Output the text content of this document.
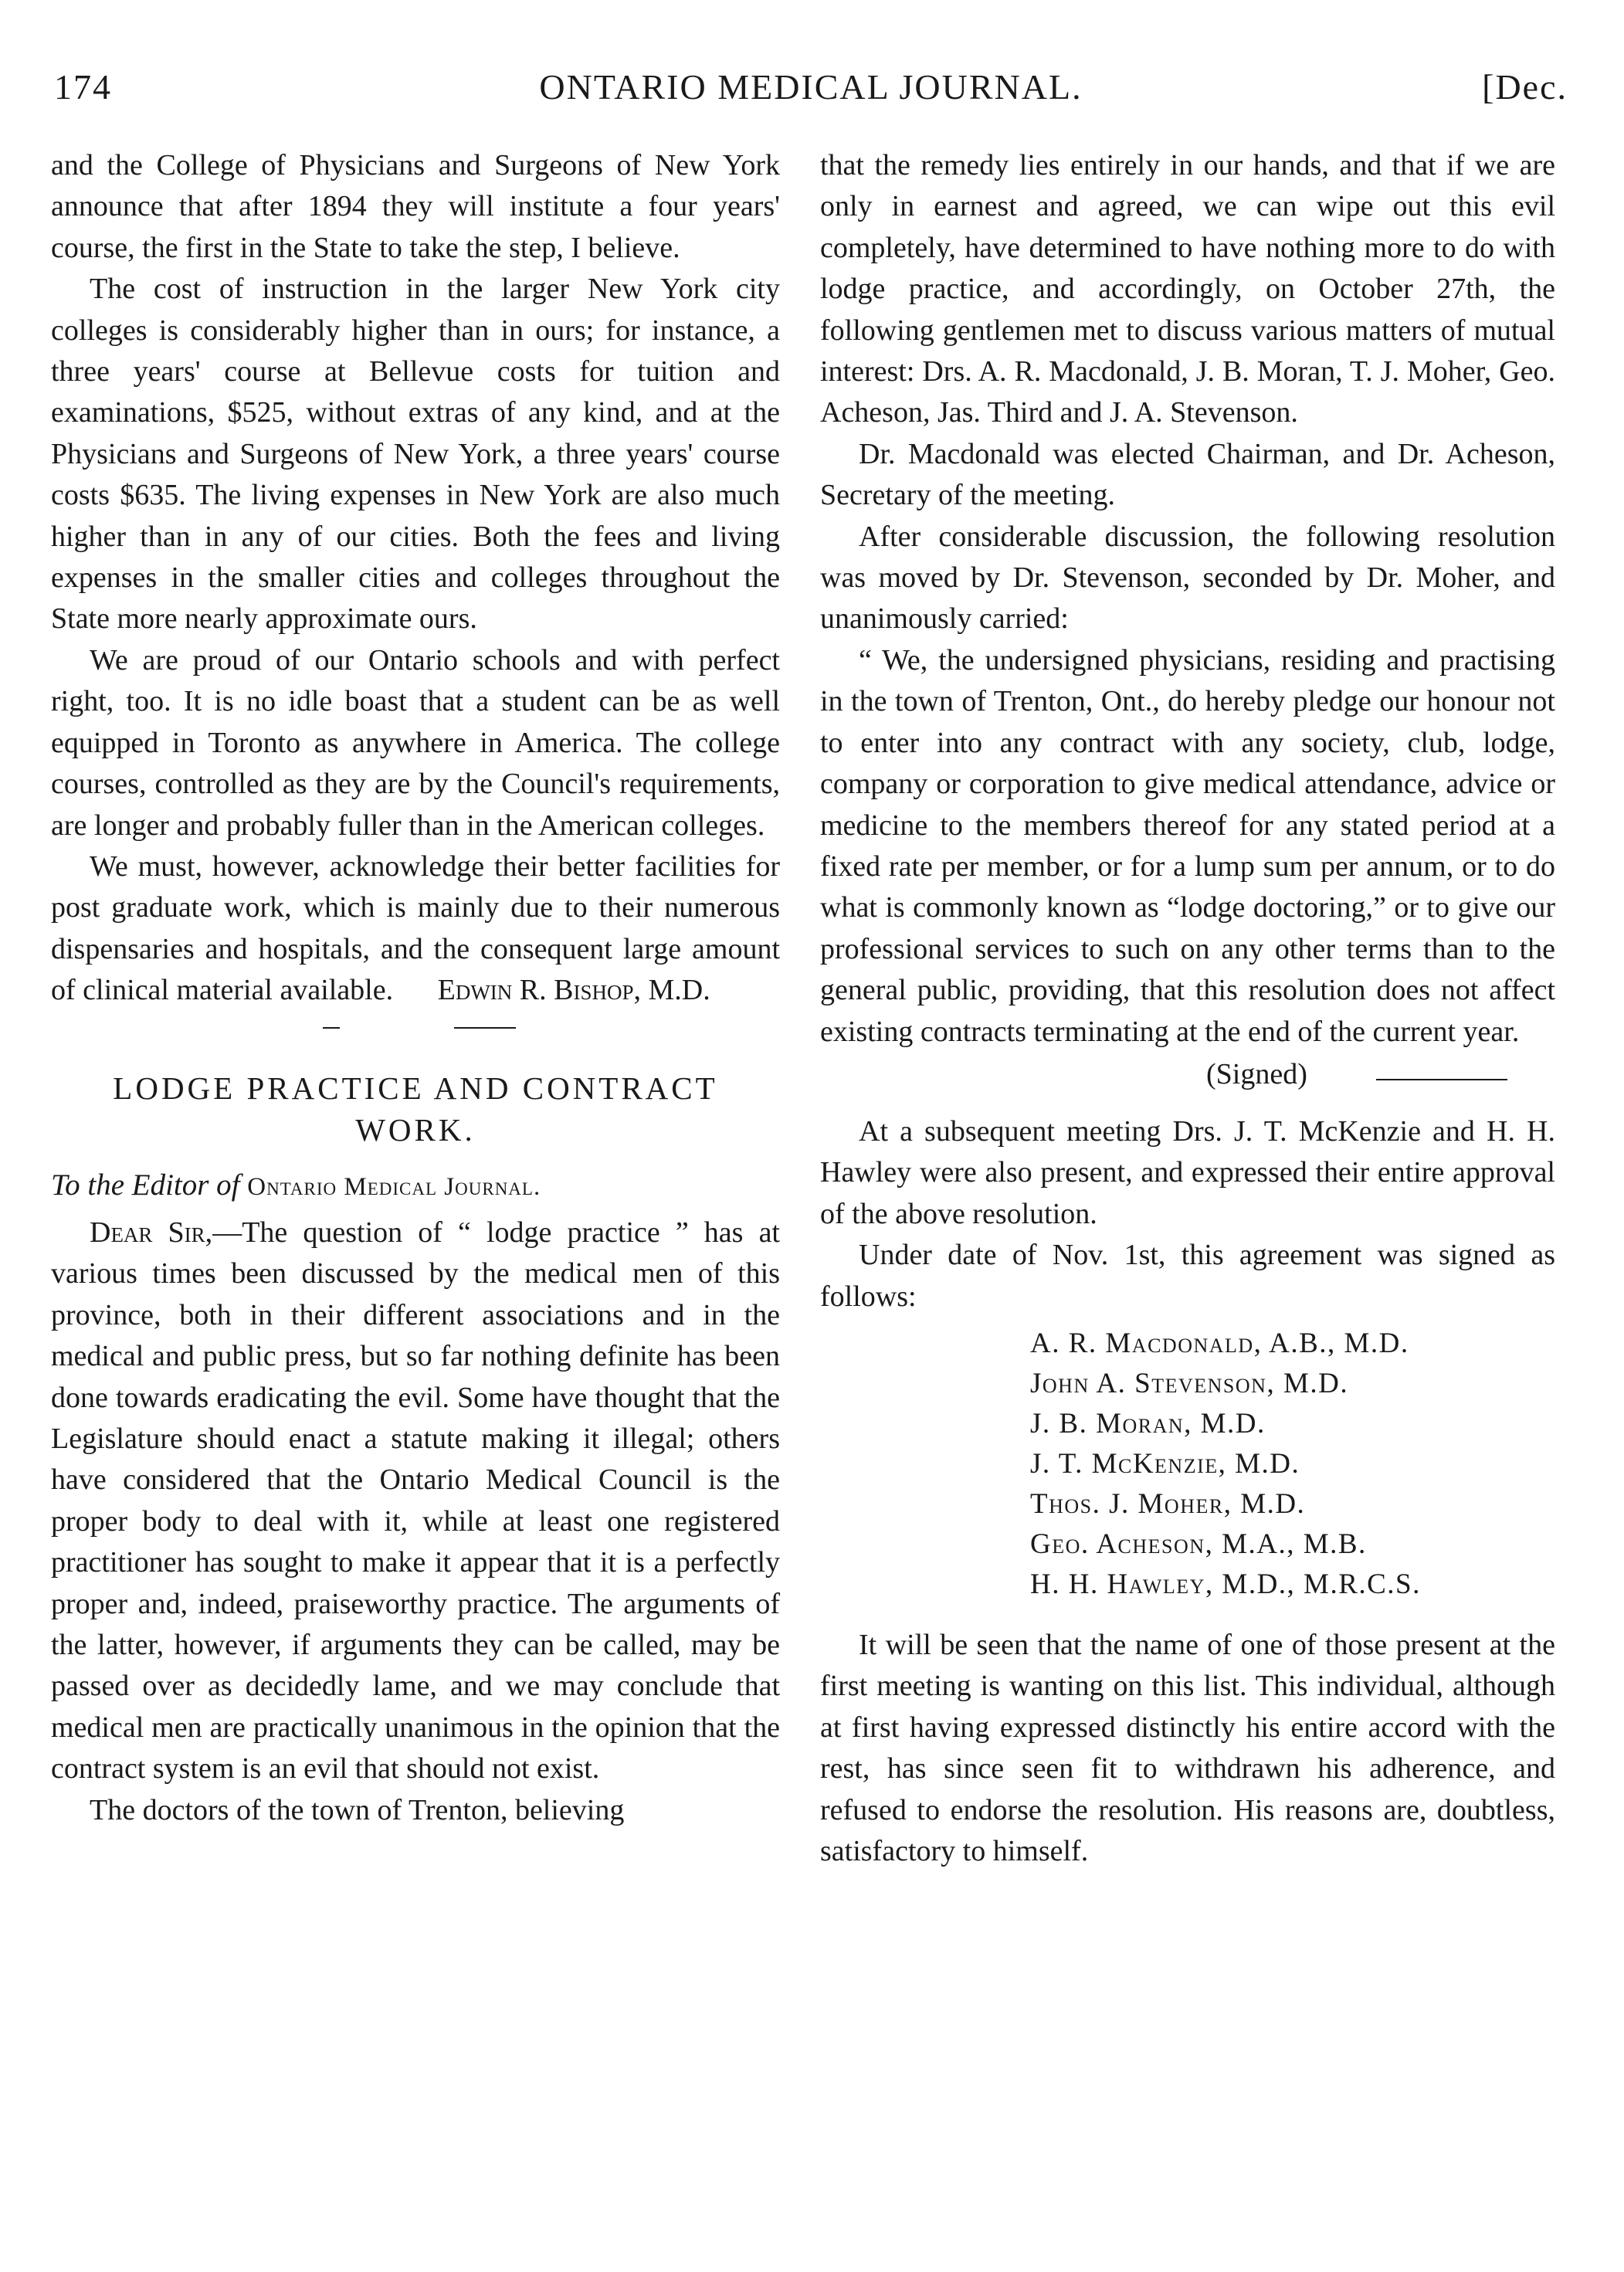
174	ONTARIO MEDICAL JOURNAL.	[Dec.

and the College of Physicians and Surgeons of New York announce that after 1894 they will institute a four years' course, the first in the State to take the step, I believe.

The cost of instruction in the larger New York city colleges is considerably higher than in ours; for instance, a three years' course at Bellevue costs for tuition and examinations, $525, without extras of any kind, and at the Physicians and Surgeons of New York, a three years' course costs $635. The living expenses in New York are also much higher than in any of our cities. Both the fees and living expenses in the smaller cities and colleges throughout the State more nearly approximate ours.

We are proud of our Ontario schools and with perfect right, too. It is no idle boast that a student can be as well equipped in Toronto as anywhere in America. The college courses, controlled as they are by the Council's requirements, are longer and probably fuller than in the American colleges.

We must, however, acknowledge their better facilities for post graduate work, which is mainly due to their numerous dispensaries and hospitals, and the consequent large amount of clinical material available. Edwin R. Bishop, M.D.

LODGE PRACTICE AND CONTRACT WORK.

To the Editor of Ontario Medical Journal.

Dear Sir,—The question of “ lodge practice ” has at various times been discussed by the medical men of this province, both in their different associations and in the medical and public press, but so far nothing definite has been done towards eradicating the evil. Some have thought that the Legislature should enact a statute making it illegal; others have considered that the Ontario Medical Council is the proper body to deal with it, while at least one registered practitioner has sought to make it appear that it is a perfectly proper and, indeed, praiseworthy practice. The arguments of the latter, however, if arguments they can be called, may be passed over as decidedly lame, and we may conclude that medical men are practically unanimous in the opinion that the contract system is an evil that should not exist.

The doctors of the town of Trenton, believing

that the remedy lies entirely in our hands, and that if we are only in earnest and agreed, we can wipe out this evil completely, have determined to have nothing more to do with lodge practice, and accordingly, on October 27th, the following gentlemen met to discuss various matters of mutual interest: Drs. A. R. Macdonald, J. B. Moran, T. J. Moher, Geo. Acheson, Jas. Third and J. A. Stevenson.

Dr. Macdonald was elected Chairman, and Dr. Acheson, Secretary of the meeting.

After considerable discussion, the following resolution was moved by Dr. Stevenson, seconded by Dr. Moher, and unanimously carried:

“ We, the undersigned physicians, residing and practising in the town of Trenton, Ont., do hereby pledge our honour not to enter into any contract with any society, club, lodge, company or corporation to give medical attendance, advice or medicine to the members thereof for any stated period at a fixed rate per member, or for a lump sum per annum, or to do what is commonly known as “lodge doctoring,” or to give our professional services to such on any other terms than to the general public, providing, that this resolution does not affect existing contracts terminating at the end of the current year.

(Signed)

At a subsequent meeting Drs. J. T. McKenzie and H. H. Hawley were also present, and expressed their entire approval of the above resolution.

Under date of Nov. 1st, this agreement was signed as follows:

A. R. Macdonald, A.B., M.D.
John A. Stevenson, M.D.
J. B. Moran, M.D.
J. T. McKenzie, M.D.
Thos. J. Moher, M.D.
Geo. Acheson, M.A., M.B.
H. H. Hawley, M.D., M.R.C.S.

It will be seen that the name of one of those present at the first meeting is wanting on this list. This individual, although at first having expressed distinctly his entire accord with the rest, has since seen fit to withdrawn his adherence, and refused to endorse the resolution. His reasons are, doubtless, satisfactory to himself.
